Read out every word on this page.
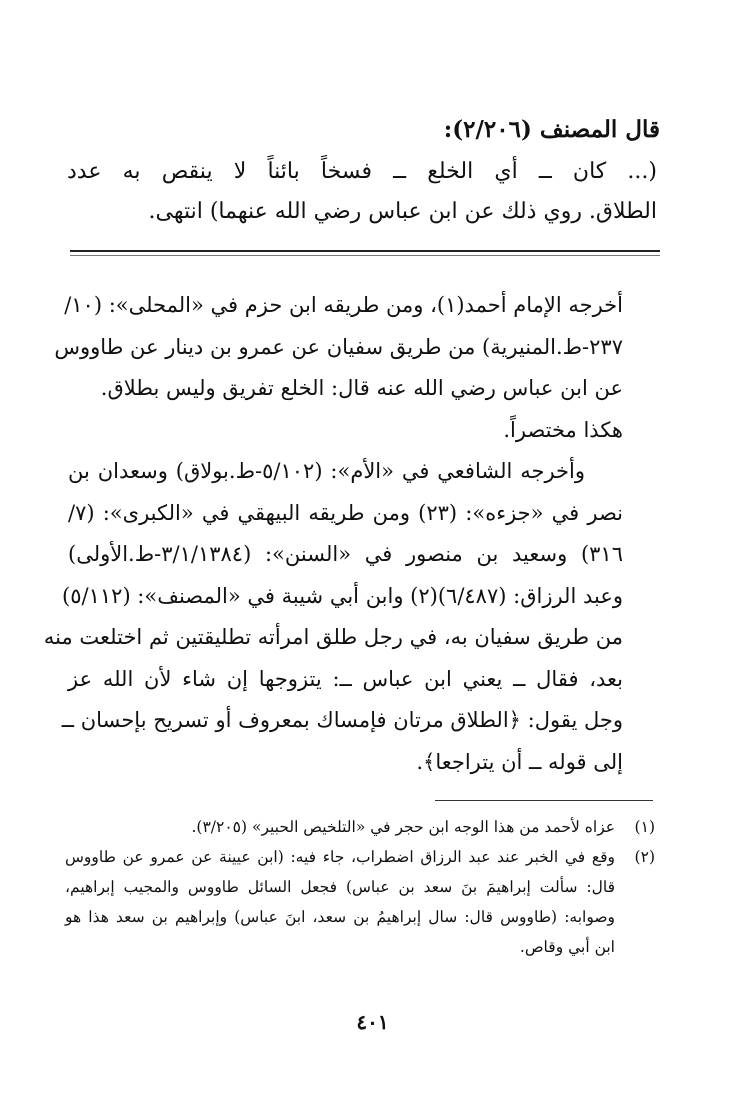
قال المصنف (٢/٢٠٦):
(... كان ــ أي الخلع ــ فسخاً بائناً لا ينقص به عدد
الطلاق. روي ذلك عن ابن عباس رضي الله عنهما) انتهى.
أخرجه الإمام أحمد(١)، ومن طريقه ابن حزم في «المحلى»: (١٠/
٢٣٧-ط.المنيرية) من طريق سفيان عن عمرو بن دينار عن طاووس
عن ابن عباس رضي الله عنه قال: الخلع تفريق وليس بطلاق.
هكذا مختصراً.
وأخرجه الشافعي في «الأم»: (٥/١٠٢-ط.بولاق) وسعدان بن
نصر في «جزءه»: (٢٣) ومن طريقه البيهقي في «الكبرى»: (٧/
٣١٦) وسعيد بن منصور في «السنن»: (٣/١/١٣٨٤-ط.الأولى)
وعبد الرزاق: (٦/٤٨٧)(٢) وابن أبي شيبة في «المصنف»: (٥/١١٢)
من طريق سفيان به، في رجل طلق امرأته تطليقتين ثم اختلعت منه
بعد، فقال ــ يعني ابن عباس ــ: يتزوجها إن شاء لأن الله عز
وجل يقول: ﴿الطلاق مرتان فإمساك بمعروف أو تسريح بإحسان ــ
إلى قوله ــ أن يتراجعا﴾.
(١)
عزاه لأحمد من هذا الوجه ابن حجر في «التلخيص الحبير» (٣/٢٠٥).
(٢)
وقع في الخبر عند عبد الرزاق اضطراب، جاء فيه: (ابن عيينة عن عمرو عن طاووس
قال: سألت إبراهيمَ بنَ سعد بن عباس) فجعل السائل طاووس والمجيب إبراهيم،
وصوابه: (طاووس قال: سال إبراهيمُ بن سعد، ابنَ عباس) وإبراهيم بن سعد هذا هو
ابن أبي وقاص.
٤٠١
